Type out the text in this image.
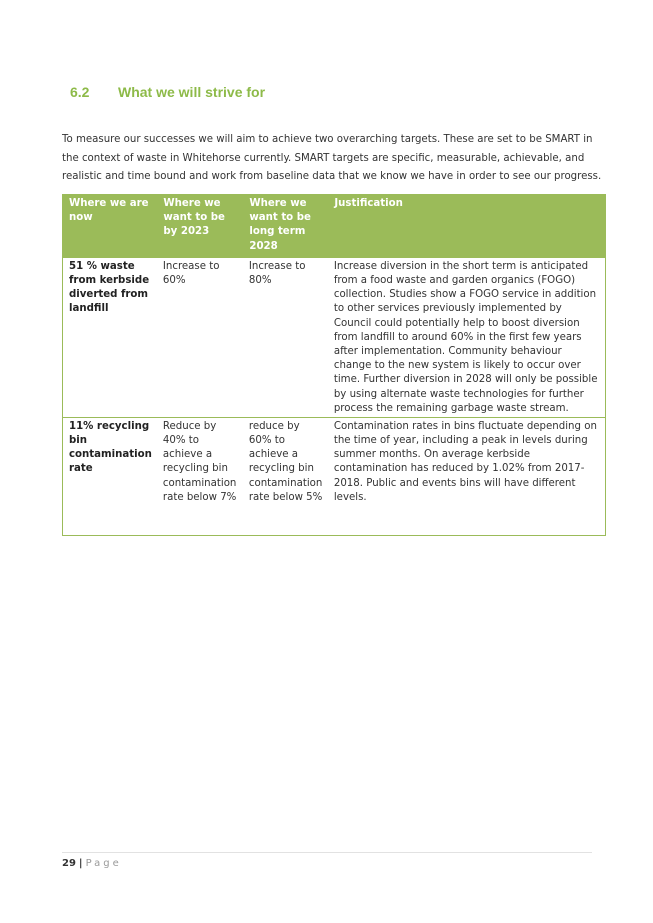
6.2 What we will strive for

To measure our successes we will aim to achieve two overarching targets. These are set to be SMART in the context of waste in Whitehorse currently. SMART targets are specific, measurable, achievable, and realistic and time bound and work from baseline data that we know we have in order to see our progress.

Where we are now	Where we want to be by 2023	Where we want to be long term 2028	Justification
51 % waste from kerbside diverted from landfill	Increase to 60%	Increase to 80%	Increase diversion in the short term is anticipated from a food waste and garden organics (FOGO) collection. Studies show a FOGO service in addition to other services previously implemented by Council could potentially help to boost diversion from landfill to around 60% in the first few years after implementation. Community behaviour change to the new system is likely to occur over time. Further diversion in 2028 will only be possible by using alternate waste technologies for further process the remaining garbage waste stream.
11% recycling bin contamination rate	Reduce by 40% to achieve a recycling bin contamination rate below 7%	reduce by 60% to achieve a recycling bin contamination rate below 5%	Contamination rates in bins fluctuate depending on the time of year, including a peak in levels during summer months. On average kerbside contamination has reduced by 1.02% from 2017-2018. Public and events bins will have different levels.
29 | Page
